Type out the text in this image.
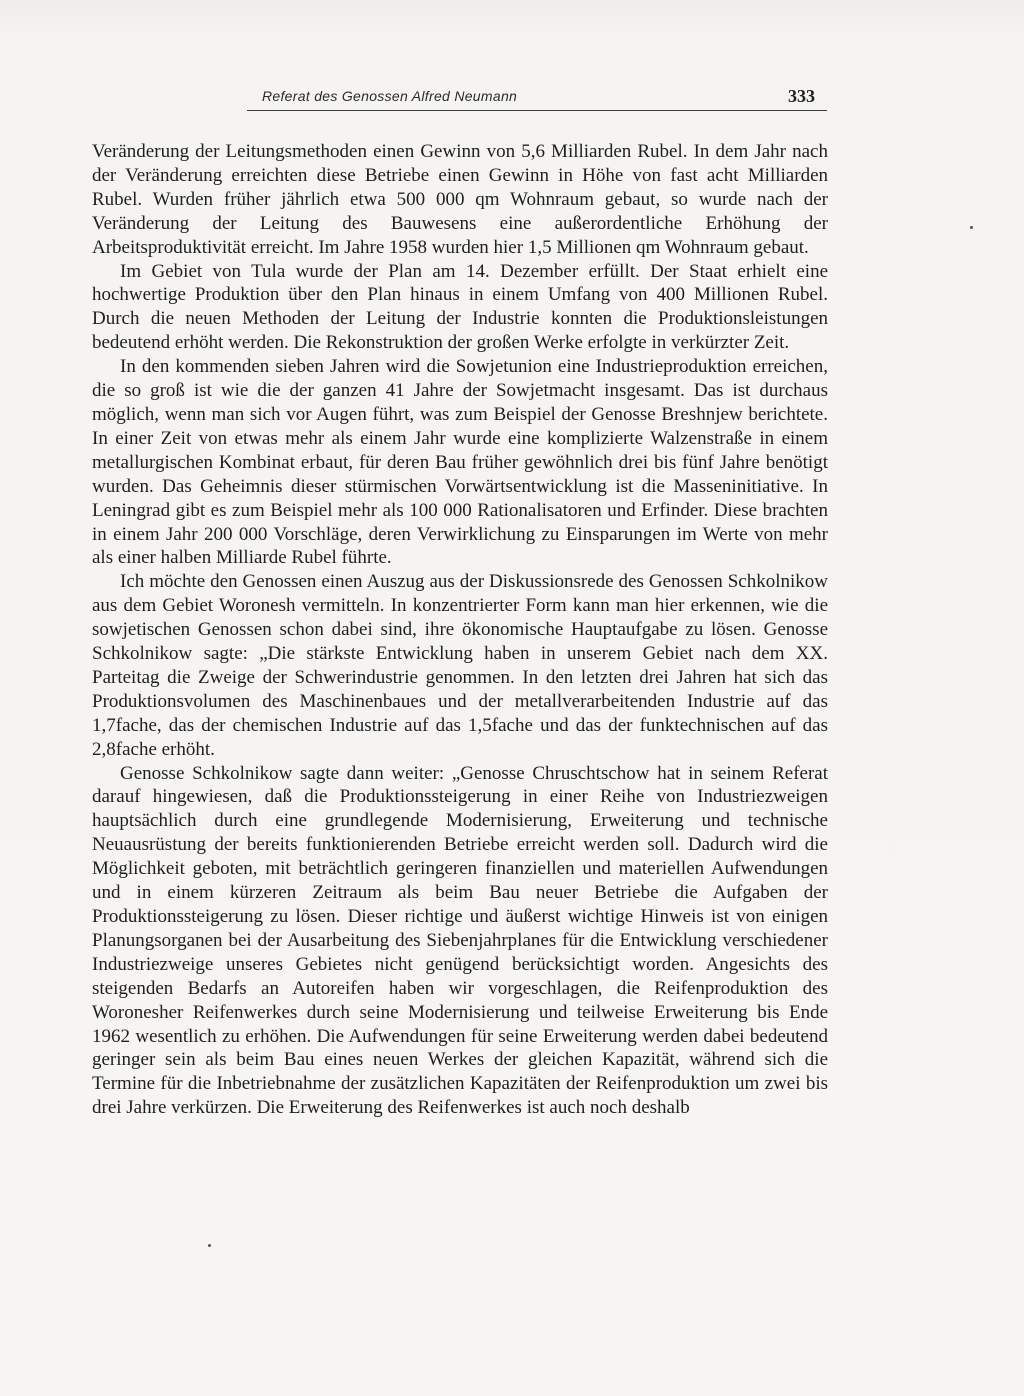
Referat des Genossen Alfred Neumann	333

Veränderung der Leitungsmethoden einen Gewinn von 5,6 Milliarden Rubel. In dem Jahr nach der Veränderung erreichten diese Betriebe einen Gewinn in Höhe von fast acht Milliarden Rubel. Wurden früher jährlich etwa 500 000 qm Wohnraum gebaut, so wurde nach der Veränderung der Leitung des Bauwesens eine außerordentliche Erhöhung der Arbeitsproduktivität erreicht. Im Jahre 1958 wurden hier 1,5 Millionen qm Wohnraum gebaut.

Im Gebiet von Tula wurde der Plan am 14. Dezember erfüllt. Der Staat erhielt eine hochwertige Produktion über den Plan hinaus in einem Umfang von 400 Millionen Rubel. Durch die neuen Methoden der Leitung der Industrie konnten die Produktionsleistungen bedeutend erhöht werden. Die Rekonstruktion der großen Werke erfolgte in verkürzter Zeit.

In den kommenden sieben Jahren wird die Sowjetunion eine Industrieproduktion erreichen, die so groß ist wie die der ganzen 41 Jahre der Sowjetmacht insgesamt. Das ist durchaus möglich, wenn man sich vor Augen führt, was zum Beispiel der Genosse Breshnjew berichtete. In einer Zeit von etwas mehr als einem Jahr wurde eine komplizierte Walzenstraße in einem metallurgischen Kombinat erbaut, für deren Bau früher gewöhnlich drei bis fünf Jahre benötigt wurden. Das Geheimnis dieser stürmischen Vorwärtsentwicklung ist die Masseninitiative. In Leningrad gibt es zum Beispiel mehr als 100 000 Rationalisatoren und Erfinder. Diese brachten in einem Jahr 200 000 Vorschläge, deren Verwirklichung zu Einsparungen im Werte von mehr als einer halben Milliarde Rubel führte.

Ich möchte den Genossen einen Auszug aus der Diskussionsrede des Genossen Schkolnikow aus dem Gebiet Woronesh vermitteln. In konzentrierter Form kann man hier erkennen, wie die sowjetischen Genossen schon dabei sind, ihre ökonomische Hauptaufgabe zu lösen. Genosse Schkolnikow sagte: „Die stärkste Entwicklung haben in unserem Gebiet nach dem XX. Parteitag die Zweige der Schwerindustrie genommen. In den letzten drei Jahren hat sich das Produktionsvolumen des Maschinenbaues und der metallverarbeitenden Industrie auf das 1,7fache, das der chemischen Industrie auf das 1,5fache und das der funktechnischen auf das 2,8fache erhöht.

Genosse Schkolnikow sagte dann weiter: „Genosse Chruschtschow hat in seinem Referat darauf hingewiesen, daß die Produktionssteigerung in einer Reihe von Industriezweigen hauptsächlich durch eine grundlegende Modernisierung, Erweiterung und technische Neuausrüstung der bereits funktionierenden Betriebe erreicht werden soll. Dadurch wird die Möglichkeit geboten, mit beträchtlich geringeren finanziellen und materiellen Aufwendungen und in einem kürzeren Zeitraum als beim Bau neuer Betriebe die Aufgaben der Produktionssteigerung zu lösen. Dieser richtige und äußerst wichtige Hinweis ist von einigen Planungsorganen bei der Ausarbeitung des Siebenjahrplanes für die Entwicklung verschiedener Industriezweige unseres Gebietes nicht genügend berücksichtigt worden. Angesichts des steigenden Bedarfs an Autoreifen haben wir vorgeschlagen, die Reifenproduktion des Woronesher Reifenwerkes durch seine Modernisierung und teilweise Erweiterung bis Ende 1962 wesentlich zu erhöhen. Die Aufwendungen für seine Erweiterung werden dabei bedeutend geringer sein als beim Bau eines neuen Werkes der gleichen Kapazität, während sich die Termine für die Inbetriebnahme der zusätzlichen Kapazitäten der Reifenproduktion um zwei bis drei Jahre verkürzen. Die Erweiterung des Reifenwerkes ist auch noch deshalb
